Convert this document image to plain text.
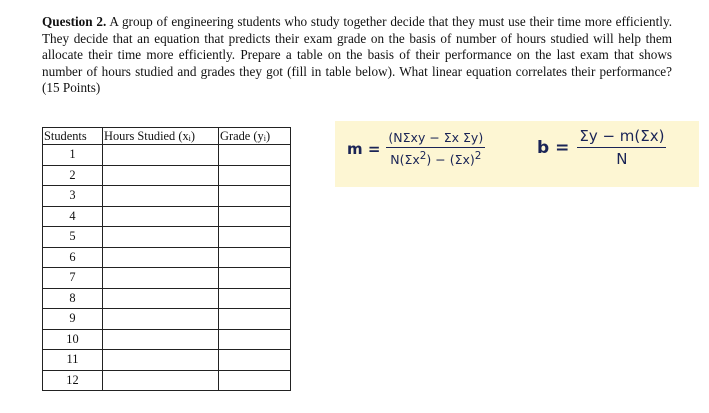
Question 2. A group of engineering students who study together decide that they must use their time more efficiently. They decide that an equation that predicts their exam grade on the basis of number of hours studied will help them allocate their time more efficiently. Prepare a table on the basis of their performance on the last exam that shows number of hours studied and grades they got (fill in table below). What linear equation correlates their performance? (15 Points)
Students	Hours Studied $(x_i)$	Grade $(y_i)$
1		
2		
3		
4		
5		
6		
7		
8		
9		
10		
11		
12		
$m = \frac{\text{(NΣxy − Σx Σy)}}{N(\Sigma x^2) - (\Sigma x)^2}$	$b = \frac{\Sigma y - m(\Sigma x)}{N}$
